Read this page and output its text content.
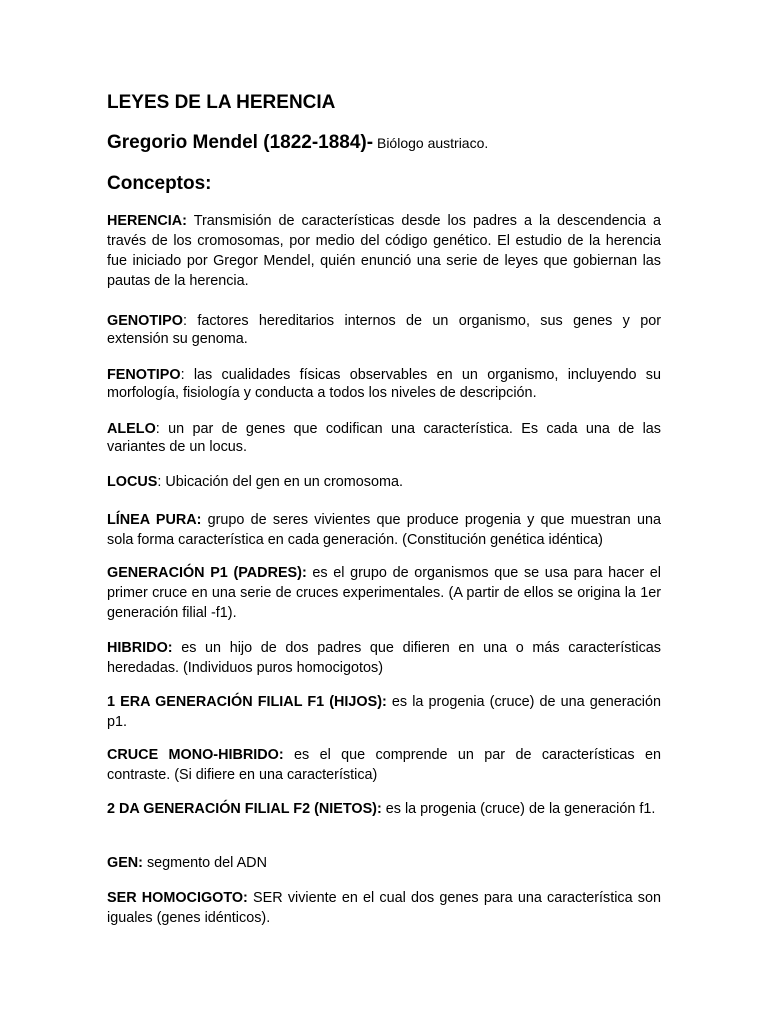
LEYES DE LA HERENCIA

Gregorio Mendel (1822-1884)- Biólogo austriaco.

Conceptos:

HERENCIA: Transmisión de características desde los padres a la descendencia a través de los cromosomas, por medio del código genético. El estudio de la herencia fue iniciado por Gregor Mendel, quién enunció una serie de leyes que gobiernan las pautas de la herencia.

GENOTIPO: factores hereditarios internos de un organismo, sus genes y por extensión su genoma.

FENOTIPO: las cualidades físicas observables en un organismo, incluyendo su morfología, fisiología y conducta a todos los niveles de descripción.

ALELO: un par de genes que codifican una característica. Es cada una de las variantes de un locus.

LOCUS: Ubicación del gen en un cromosoma.

LÍNEA PURA: grupo de seres vivientes que produce progenia y que muestran una sola forma característica en cada generación. (Constitución genética idéntica)

GENERACIÓN P1 (PADRES): es el grupo de organismos que se usa para hacer el primer cruce en una serie de cruces experimentales. (A partir de ellos se origina la 1er generación filial -f1).

HIBRIDO: es un hijo de dos padres que difieren en una o más características heredadas. (Individuos puros homocigotos)

1 ERA GENERACIÓN FILIAL F1 (HIJOS): es la progenia (cruce) de una generación p1.

CRUCE MONO-HIBRIDO: es el que comprende un par de características en contraste. (Si difiere en una característica)

2 DA GENERACIÓN FILIAL F2 (NIETOS): es la progenia (cruce) de la generación f1.

GEN: segmento del ADN

SER HOMOCIGOTO: SER viviente en el cual dos genes para una característica son iguales (genes idénticos).
